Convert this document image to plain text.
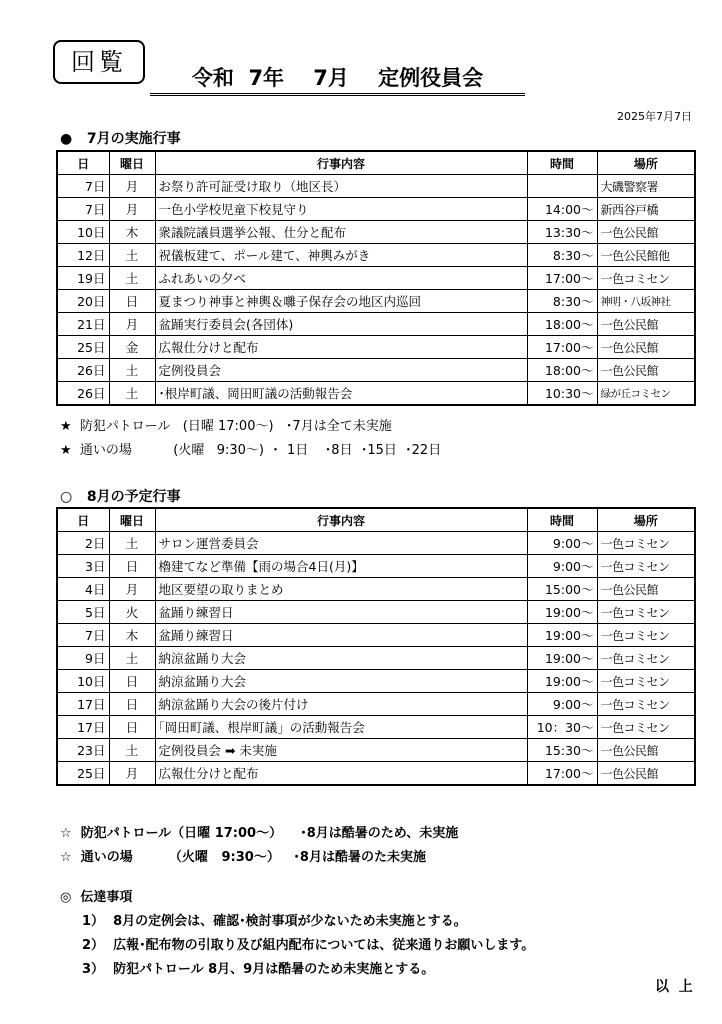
回覧
令和  7年    7月    定例役員会
2025年7月7日
●   7月の実施行事
日	曜日	行事内容	時間	場所
7日	月	お祭り許可証受け取り（地区長）		大磯警察署
7日	月	一色小学校児童下校見守り	14:00～	新西谷戸橋
10日	木	衆議院議員選挙公報、仕分と配布	13:30～	一色公民館
12日	土	祝儀板建て、ポール建て、神輿みがき	8:30～	一色公民館他
19日	土	ふれあいの夕べ	17:00～	一色コミセン
20日	日	夏まつり神事と神輿＆囃子保存会の地区内巡回	8:30～	神明・八坂神社
21日	月	盆踊実行委員会(各団体)	18:00～	一色公民館
25日	金	広報仕分けと配布	17:00～	一色公民館
26日	土	定例役員会	18:00～	一色公民館
26日	土	･根岸町議、岡田町議の活動報告会	10:30～	緑が丘コミセン
★  防犯パトロール   (日曜 17:00～)   ･7月は全て未実施
★  通いの場          (火曜   9:30～)  ･  1日    ･8日  ･15日  ･22日
○   8月の予定行事
日	曜日	行事内容	時間	場所
2日	土	サロン運営委員会	9:00～	一色コミセン
3日	日	櫓建てなど準備【雨の場合4日(月)】	9:00～	一色コミセン
4日	月	地区要望の取りまとめ	15:00～	一色公民館
5日	火	盆踊り練習日	19:00～	一色コミセン
7日	木	盆踊り練習日	19:00～	一色コミセン
9日	土	納涼盆踊り大会	19:00～	一色コミセン
10日	日	納涼盆踊り大会	19:00～	一色コミセン
17日	日	納涼盆踊り大会の後片付け	9:00～	一色コミセン
17日	日	｢岡田町議、根岸町議」の活動報告会	10：30～	一色コミセン
23日	土	定例役員会 ➡ 未実施	15:30～	一色公民館
25日	月	広報仕分けと配布	17:00～	一色公民館
☆  防犯パトロール（日曜 17:00～）    ･8月は酷暑のため、未実施
☆  通いの場        （火曜   9:30～）   ･8月は酷暑のた未実施
◎  伝達事項
1）  8月の定例会は、確認･検討事項が少ないため未実施とする。
2）  広報･配布物の引取り及び組内配布については、従来通りお願いします。
3）  防犯パトロール 8月、9月は酷暑のため未実施とする。
以  上
